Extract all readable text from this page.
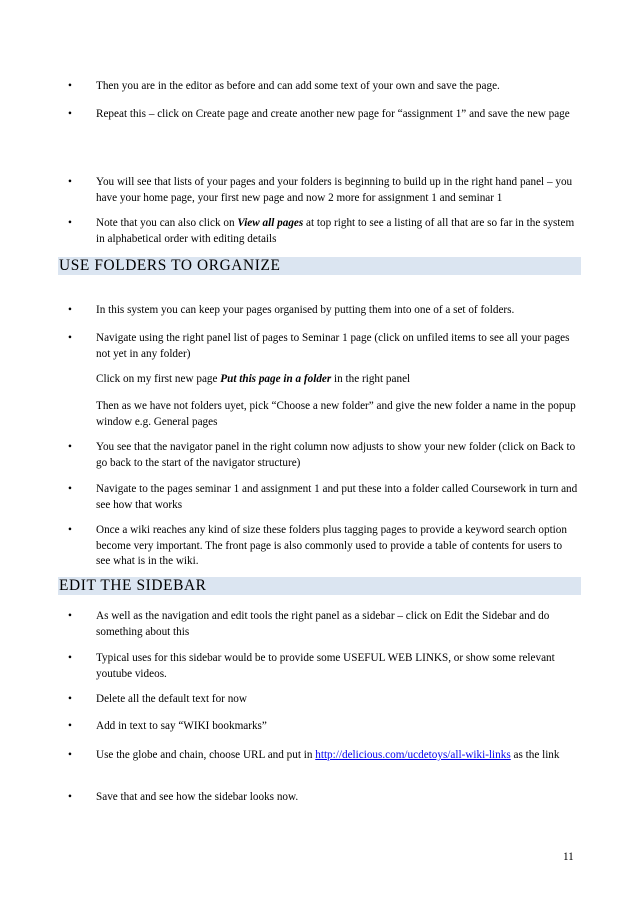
• Then you are in the editor as before and can add some text of your own and save the page.
• Repeat this – click on Create page and create another new page for “assignment 1” and save the new page
• You will see that lists of your pages and your folders is beginning to build up in the right hand panel – you have your home page, your first new page and now 2 more for assignment 1 and seminar 1
• Note that you can also click on View all pages at top right to see a listing of all that are so far in the system in alphabetical order with editing details
USE FOLDERS TO ORGANIZE
• In this system you can keep your pages organised by putting them into one of a set of folders.
• Navigate using the right panel list of pages to Seminar 1 page (click on unfiled items to see all your pages not yet in any folder)
Click on my first new page Put this page in a folder in the right panel
Then as we have not folders uyet, pick “Choose a new folder” and give the new folder a name in the popup window e.g. General pages
• You see that the navigator panel in the right column now adjusts to show your new folder (click on Back to go back to the start of the navigator structure)
• Navigate to the pages seminar 1 and assignment 1 and put these into a folder called Coursework in turn and see how that works
• Once a wiki reaches any kind of size these folders plus tagging pages to provide a keyword search option become very important. The front page is also commonly used to provide a table of contents for users to see what is in the wiki.
EDIT THE SIDEBAR
• As well as the navigation and edit tools the right panel as a sidebar – click on Edit the Sidebar and do something about this
• Typical uses for this sidebar would be to provide some USEFUL WEB LINKS, or show some relevant youtube videos.
• Delete all the default text for now
• Add in text to say “WIKI bookmarks”
• Use the globe and chain, choose URL and put in http://delicious.com/ucdetoys/all-wiki-links as the link
• Save that and see how the sidebar looks now.
11
